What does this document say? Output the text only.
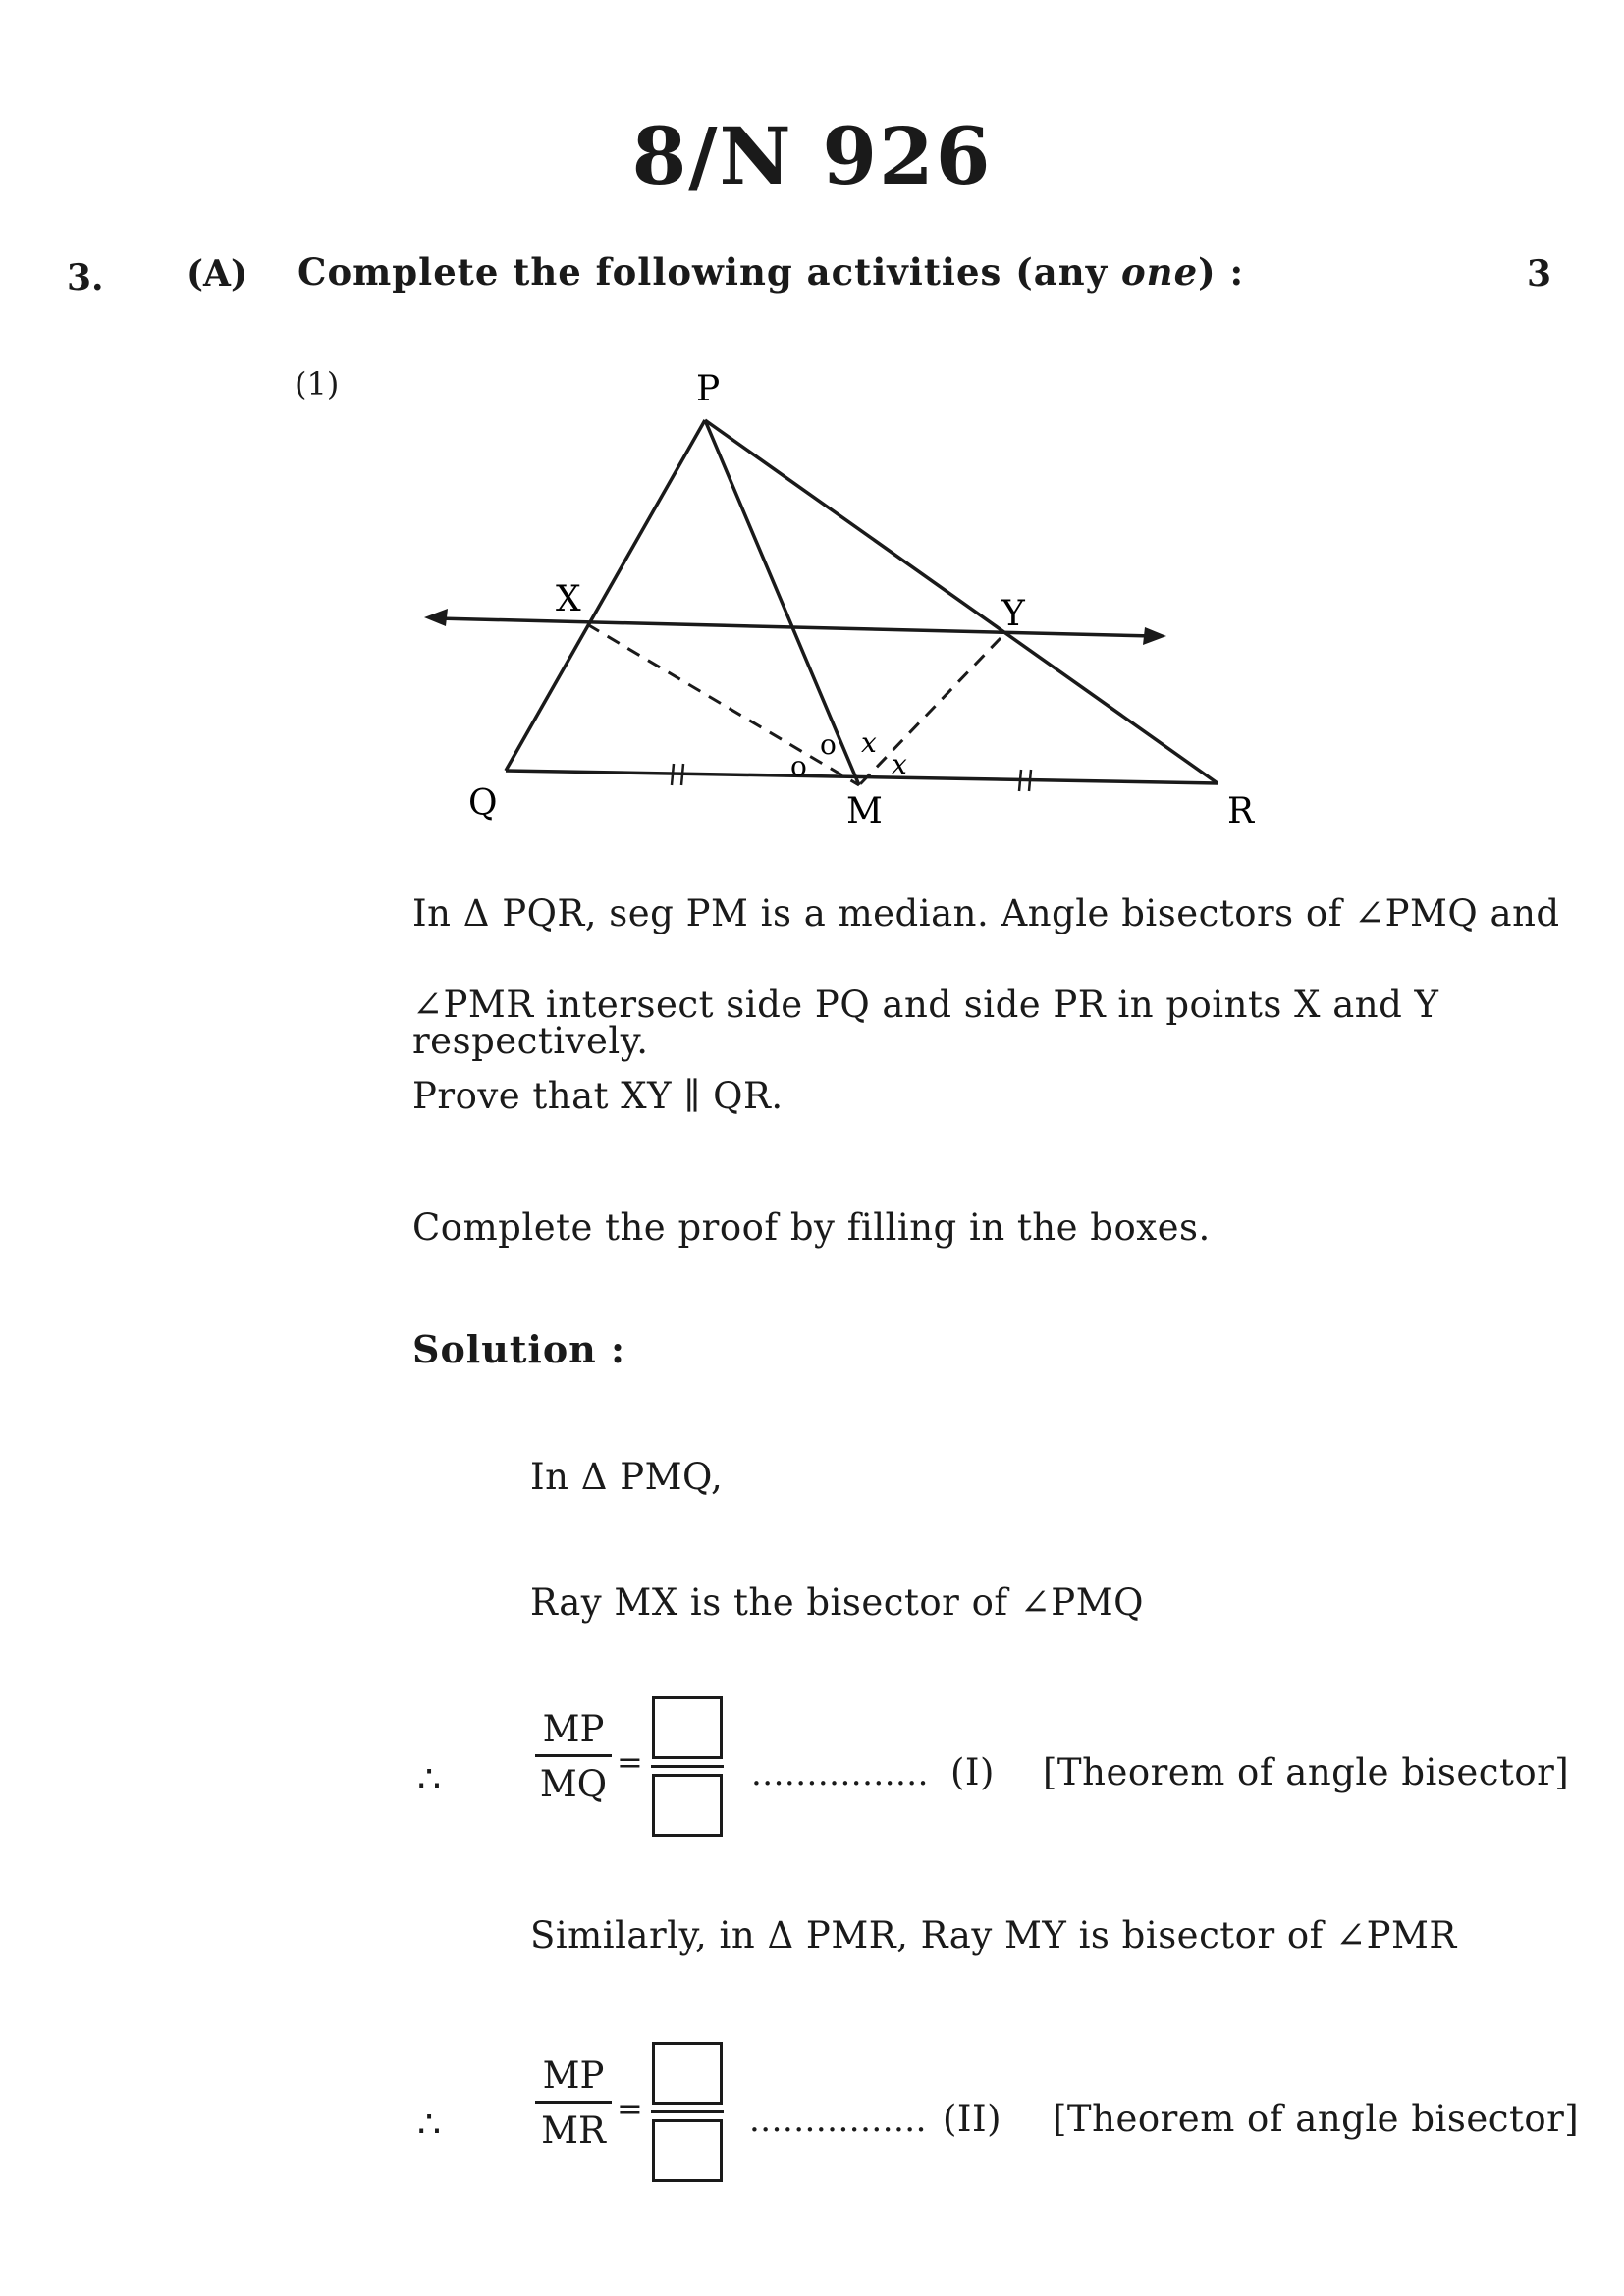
8/N 926
3. (A) Complete the following activities (any one) :	3
(1)	P
X	Y
Q	M	R
o
o x
x
In Δ PQR, seg PM is a median. Angle bisectors of ∠PMQ and
∠PMR intersect side PQ and side PR in points X and Y respectively.
Prove that XY ∥ QR.
Complete the proof by filling in the boxes.
Solution :
In Δ PMQ,
Ray MX is the bisector of ∠PMQ
∴
MP
MQ
=	................ (I) [Theorem of angle bisector]
Similarly, in Δ PMR, Ray MY is bisector of ∠PMR
∴
MP
MR
=	................ (II) [Theorem of angle bisector]
